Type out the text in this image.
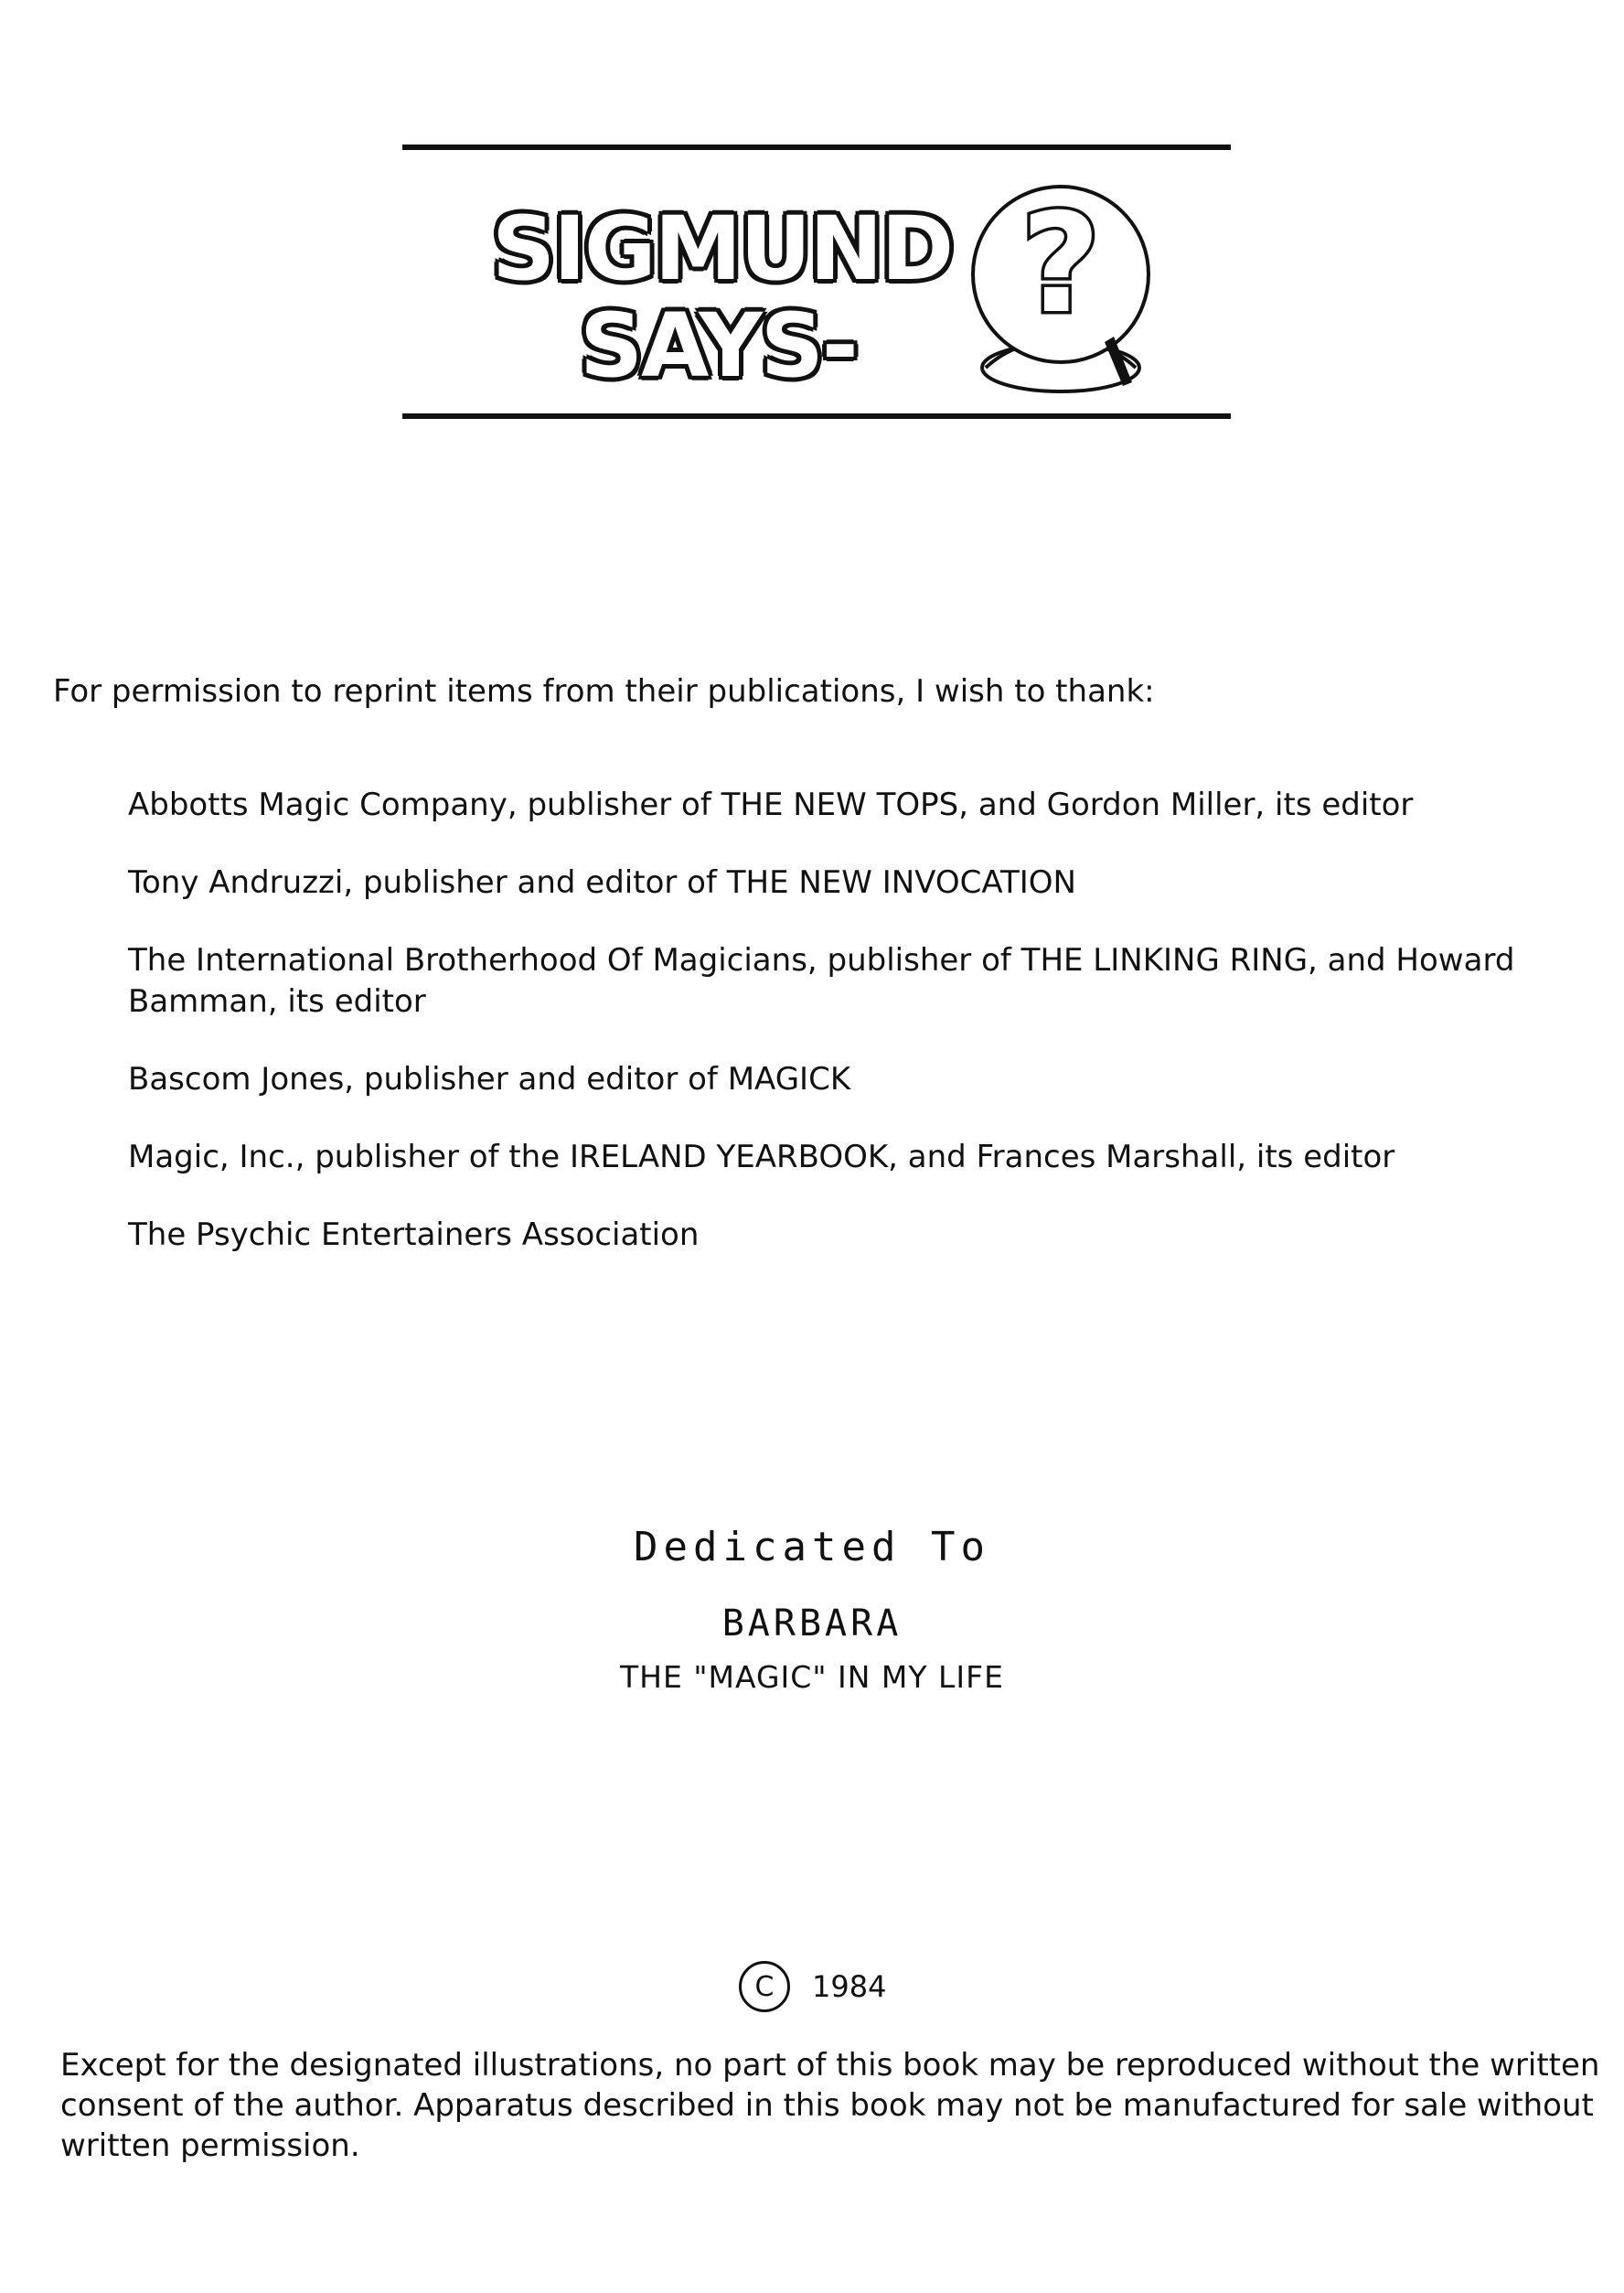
SIGMUND
SAYS-
?
For permission to reprint items from their publications, I wish to thank:
Abbotts Magic Company, publisher of THE NEW TOPS, and Gordon Miller, its editor
Tony Andruzzi, publisher and editor of THE NEW INVOCATION
The International Brotherhood Of Magicians, publisher of THE LINKING RING, and Howard Bamman, its editor
Bascom Jones, publisher and editor of MAGICK
Magic, Inc., publisher of the IRELAND YEARBOOK, and Frances Marshall, its editor
The Psychic Entertainers Association
Dedicated To
BARBARA
THE "MAGIC" IN MY LIFE
C	1984

Except for the designated illustrations, no part of this book may be reproduced without the written consent of the author. Apparatus described in this book may not be manufactured for sale without written permission.
